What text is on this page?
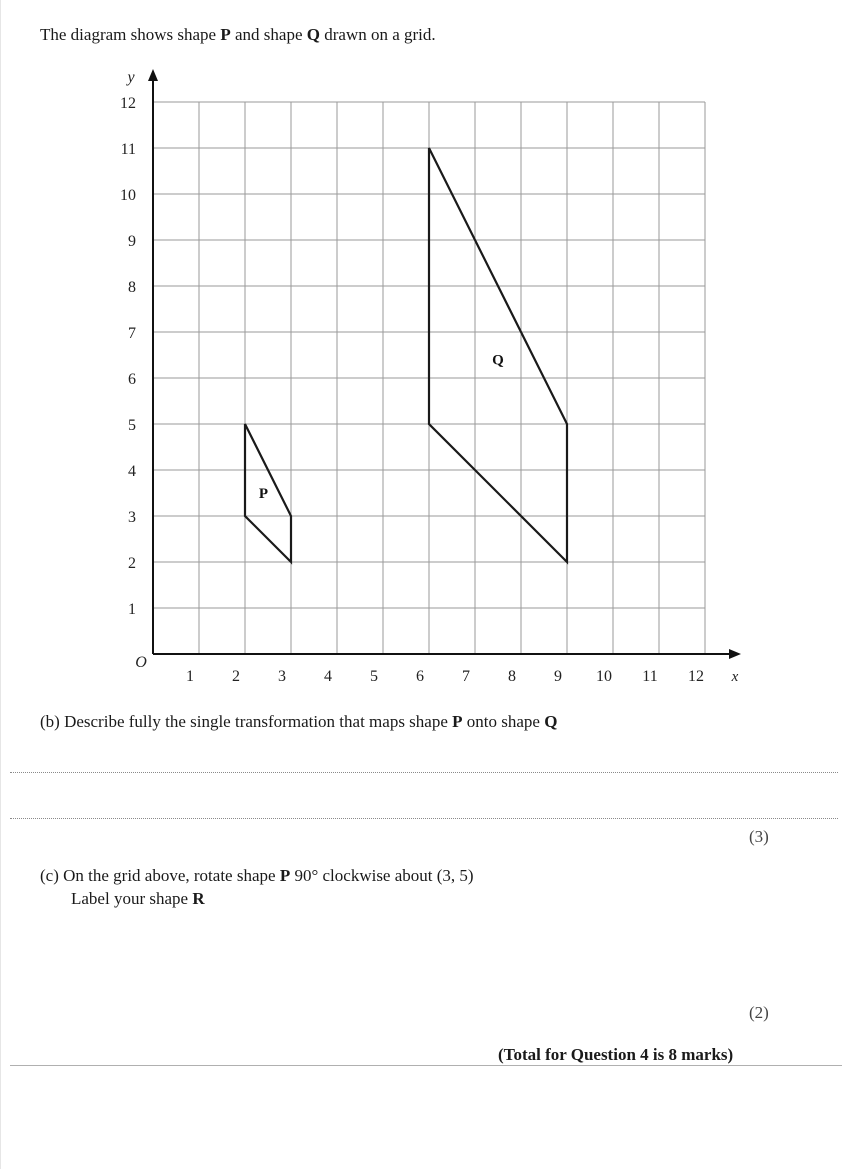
The diagram shows shape P and shape Q drawn on a grid.
1 2 3 4 5 6 7 8 9 10 11 12
1
2
3
4
5
6
7
8
9
10
11
12
x
y
O
P
Q
(b) Describe fully the single transformation that maps shape P onto shape Q
(3)
(c) On the grid above, rotate shape P 90° clockwise about (3, 5)
Label your shape R
(2)
(Total for Question 4 is 8 marks)
